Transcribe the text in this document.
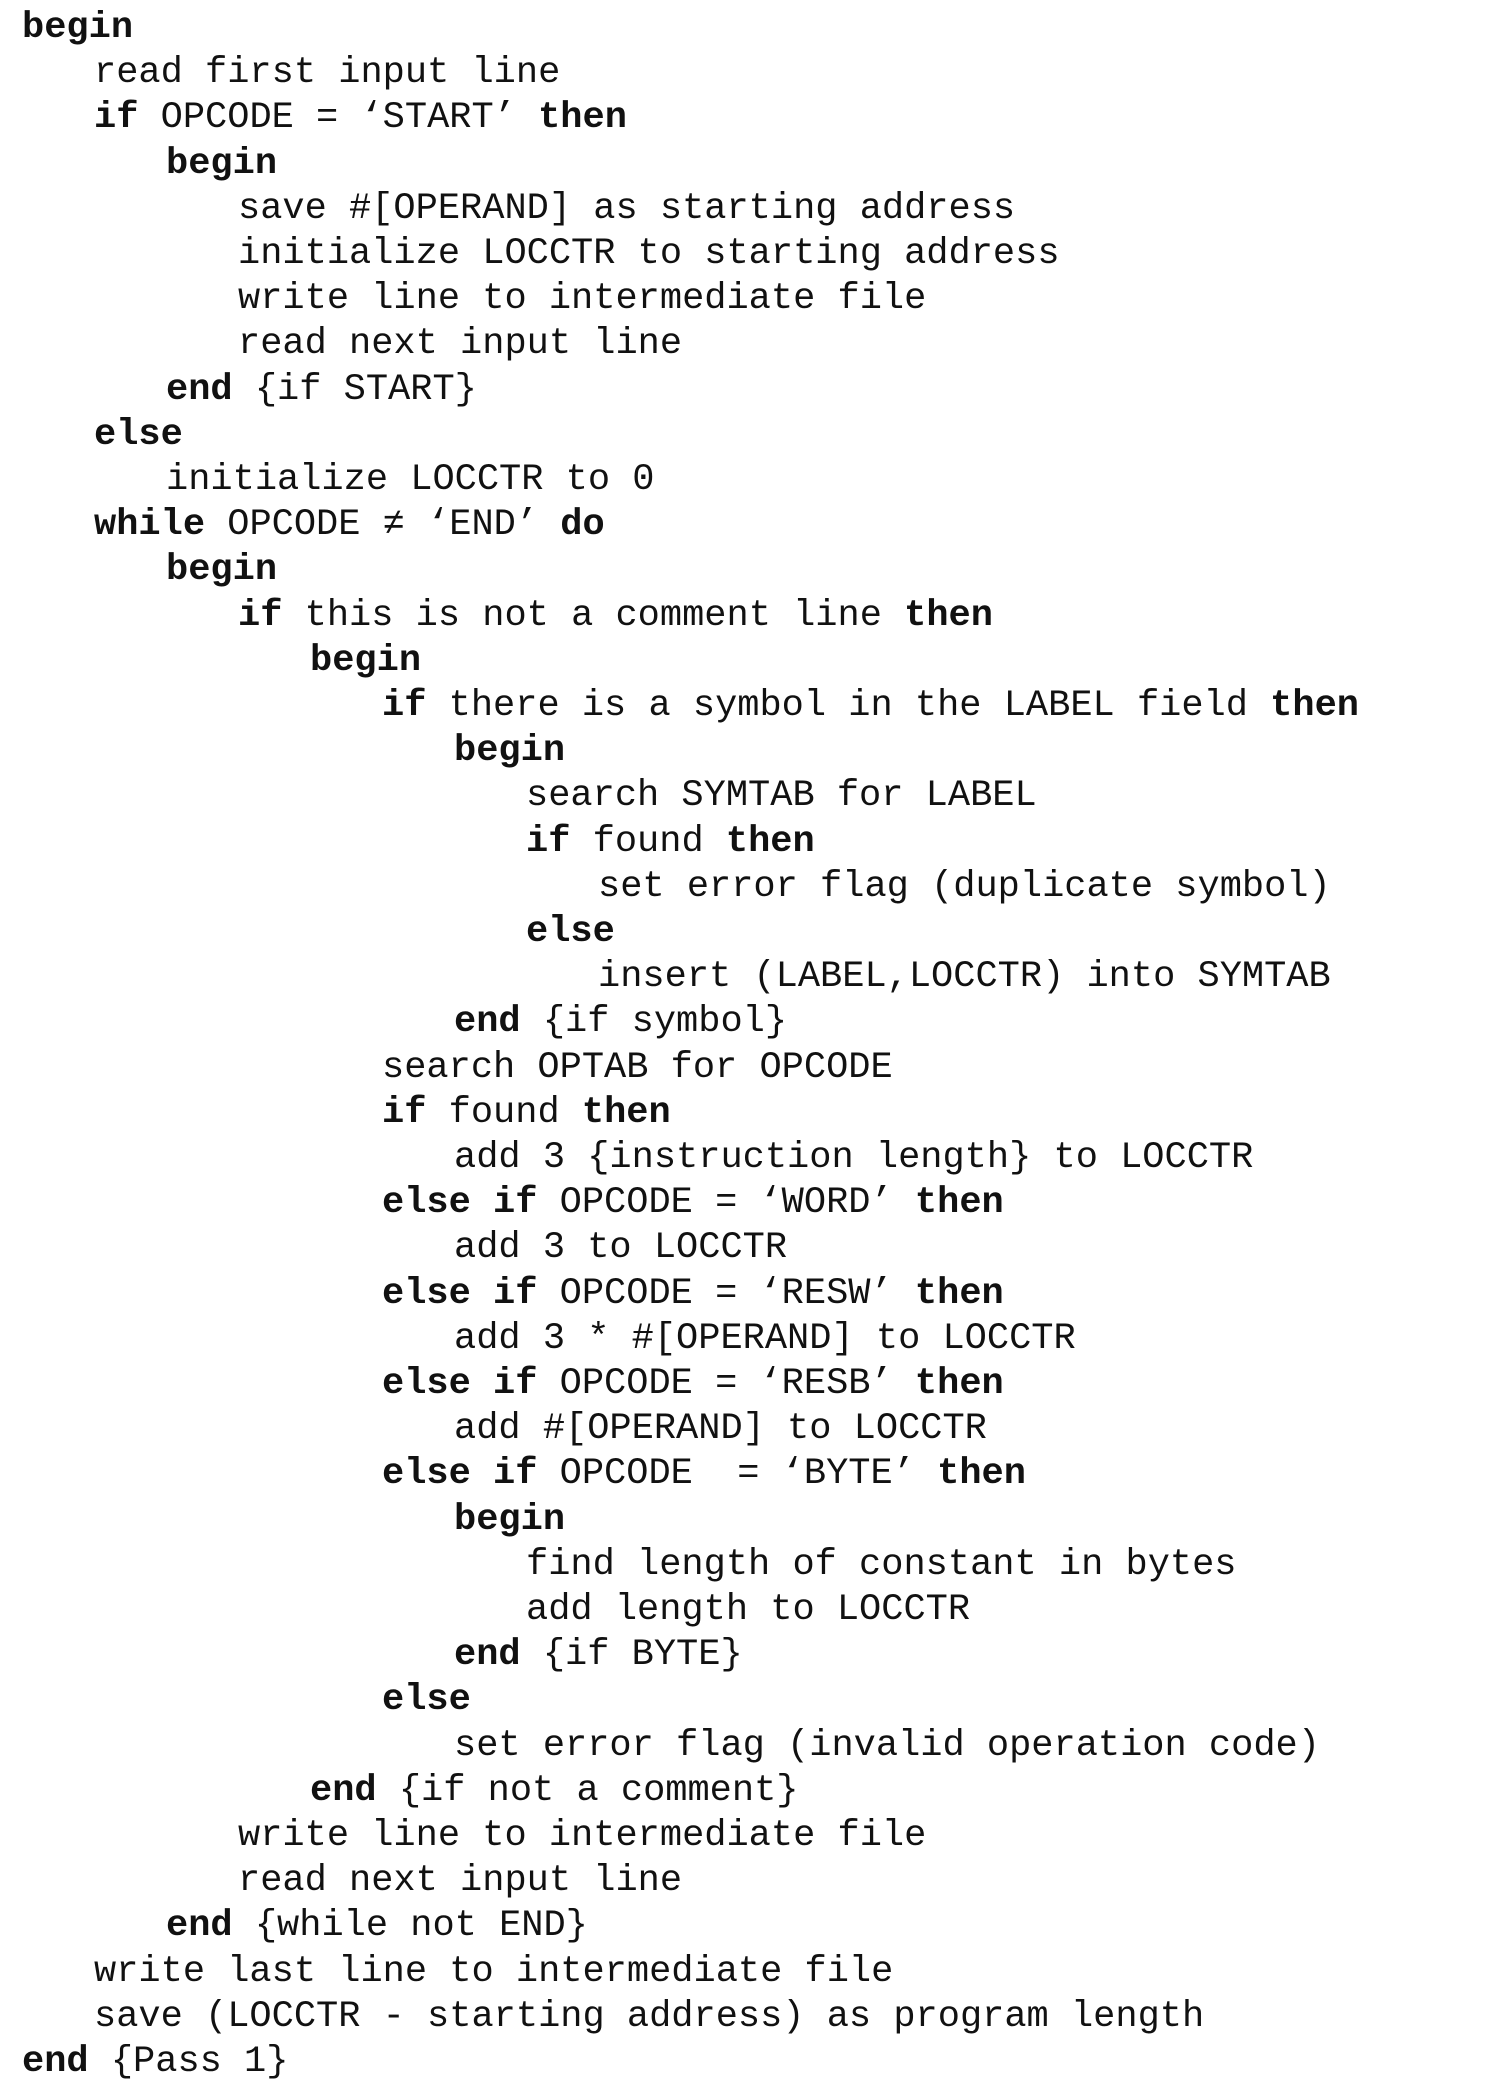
begin
read first input line
if OPCODE = ‘START’ then
begin
save #[OPERAND] as starting address
initialize LOCCTR to starting address
write line to intermediate file
read next input line
end {if START}
else
initialize LOCCTR to 0
while OPCODE ≠ ‘END’ do
begin
if this is not a comment line then
begin
if there is a symbol in the LABEL field then
begin
search SYMTAB for LABEL
if found then
set error flag (duplicate symbol)
else
insert (LABEL,LOCCTR) into SYMTAB
end {if symbol}
search OPTAB for OPCODE
if found then
add 3 {instruction length} to LOCCTR
else if OPCODE = ‘WORD’ then
add 3 to LOCCTR
else if OPCODE = ‘RESW’ then
add 3 * #[OPERAND] to LOCCTR
else if OPCODE = ‘RESB’ then
add #[OPERAND] to LOCCTR
else if OPCODE  = ‘BYTE’ then
begin
find length of constant in bytes
add length to LOCCTR
end {if BYTE}
else
set error flag (invalid operation code)
end {if not a comment}
write line to intermediate file
read next input line
end {while not END}
write last line to intermediate file
save (LOCCTR - starting address) as program length
end {Pass 1}
